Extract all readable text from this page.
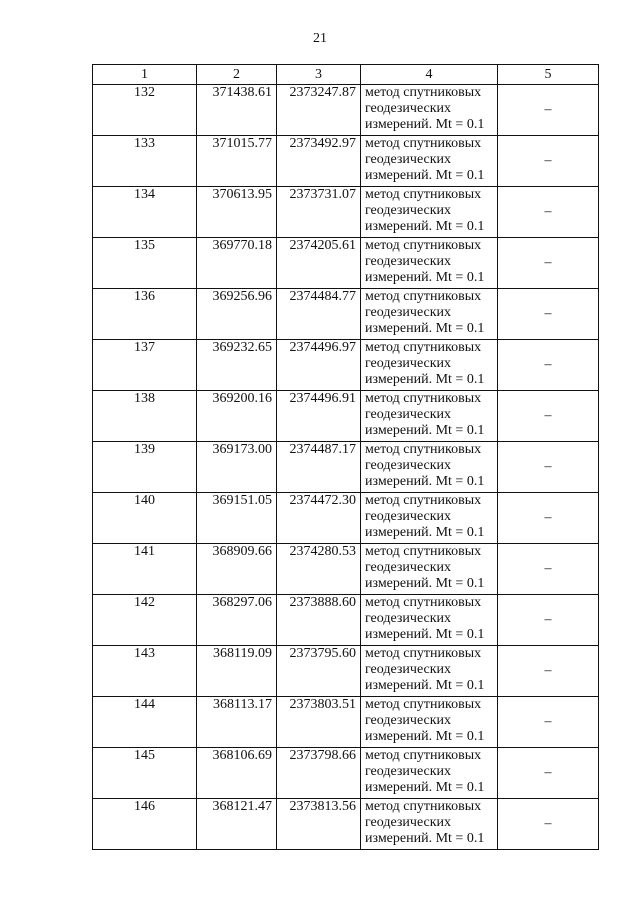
21
1	2	3	4	5
132	371438.61	2373247.87	метод спутниковых геодезических измерений. Mt = 0.1	–
133	371015.77	2373492.97	метод спутниковых геодезических измерений. Mt = 0.1	–
134	370613.95	2373731.07	метод спутниковых геодезических измерений. Mt = 0.1	–
135	369770.18	2374205.61	метод спутниковых геодезических измерений. Mt = 0.1	–
136	369256.96	2374484.77	метод спутниковых геодезических измерений. Mt = 0.1	–
137	369232.65	2374496.97	метод спутниковых геодезических измерений. Mt = 0.1	–
138	369200.16	2374496.91	метод спутниковых геодезических измерений. Mt = 0.1	–
139	369173.00	2374487.17	метод спутниковых геодезических измерений. Mt = 0.1	–
140	369151.05	2374472.30	метод спутниковых геодезических измерений. Mt = 0.1	–
141	368909.66	2374280.53	метод спутниковых геодезических измерений. Mt = 0.1	–
142	368297.06	2373888.60	метод спутниковых геодезических измерений. Mt = 0.1	–
143	368119.09	2373795.60	метод спутниковых геодезических измерений. Mt = 0.1	–
144	368113.17	2373803.51	метод спутниковых геодезических измерений. Mt = 0.1	–
145	368106.69	2373798.66	метод спутниковых геодезических измерений. Mt = 0.1	–
146	368121.47	2373813.56	метод спутниковых геодезических измерений. Mt = 0.1	–
